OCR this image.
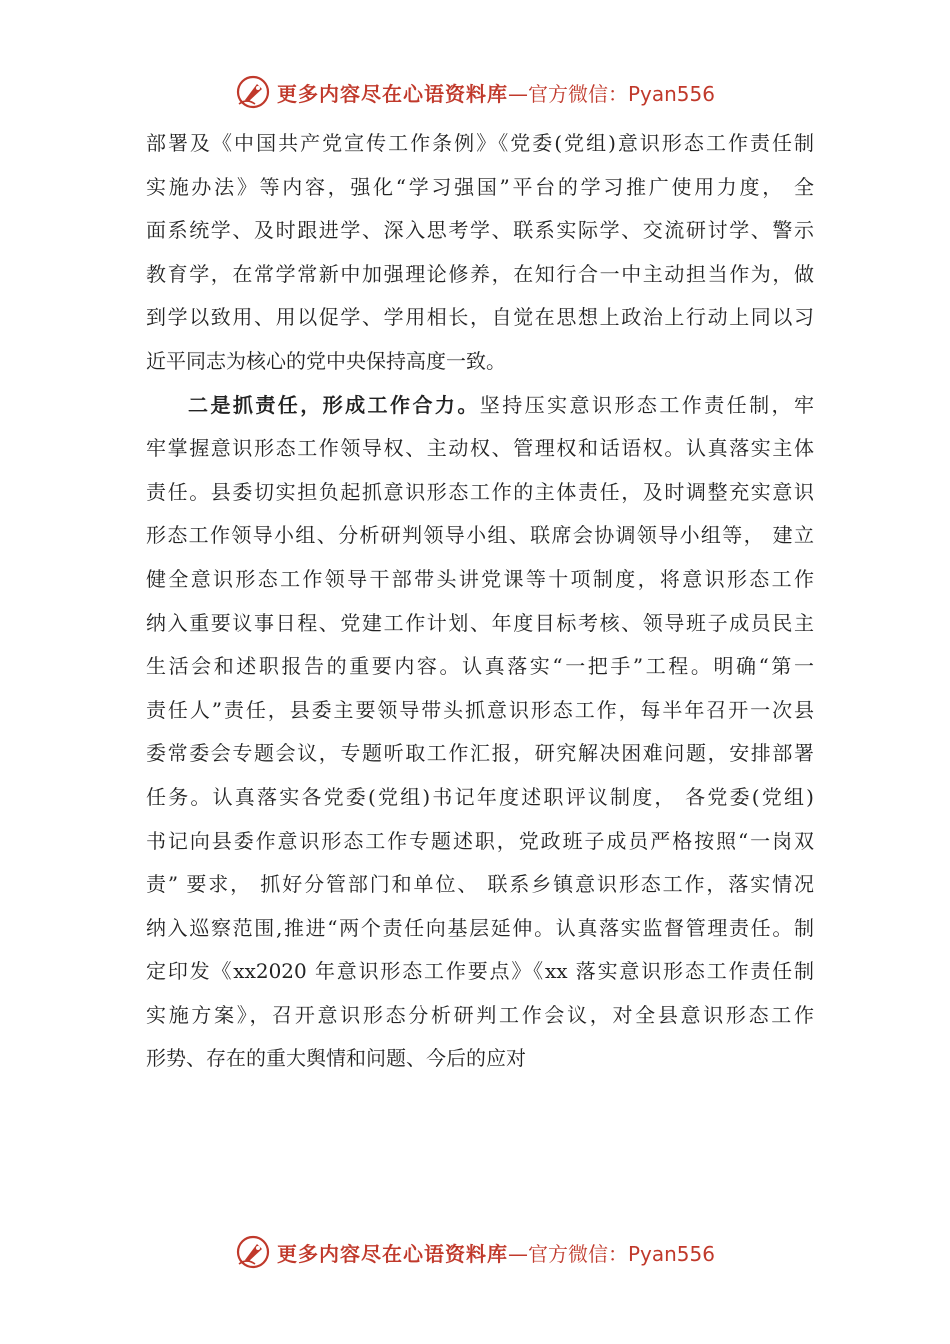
更多内容尽在心语资料库—官方微信：Pyan556
部署及《中国共产党宣传工作条例》《党委(党组)意识形态工作责任制
实施办法》等内容，强化“学习强国”平台的学习推广使用力度， 全
面系统学、及时跟进学、深入思考学、联系实际学、交流研讨学、警示
教育学，在常学常新中加强理论修养，在知行合一中主动担当作为，做
到学以致用、用以促学、学用相长，自觉在思想上政治上行动上同以习
近平同志为核心的党中央保持高度一致。
二是抓责任，形成工作合力。坚持压实意识形态工作责任制，牢
牢掌握意识形态工作领导权、主动权、管理权和话语权。认真落实主体
责任。县委切实担负起抓意识形态工作的主体责任，及时调整充实意识
形态工作领导小组、分析研判领导小组、联席会协调领导小组等， 建立
健全意识形态工作领导干部带头讲党课等十项制度，将意识形态工作
纳入重要议事日程、党建工作计划、年度目标考核、领导班子成员民主
生活会和述职报告的重要内容。认真落实“一把手”工程。明确“第一
责任人”责任，县委主要领导带头抓意识形态工作，每半年召开一次县
委常委会专题会议，专题听取工作汇报，研究解决困难问题，安排部署
任务。认真落实各党委(党组)书记年度述职评议制度， 各党委(党组)
书记向县委作意识形态工作专题述职，党政班子成员严格按照“一岗双
责” 要求， 抓好分管部门和单位、 联系乡镇意识形态工作，落实情况
纳入巡察范围,推进“两个责任向基层延伸。认真落实监督管理责任。制
定印发《xx2020 年意识形态工作要点》《xx 落实意识形态工作责任制
实施方案》，召开意识形态分析研判工作会议，对全县意识形态工作
形势、存在的重大舆情和问题、今后的应对
更多内容尽在心语资料库—官方微信：Pyan556
